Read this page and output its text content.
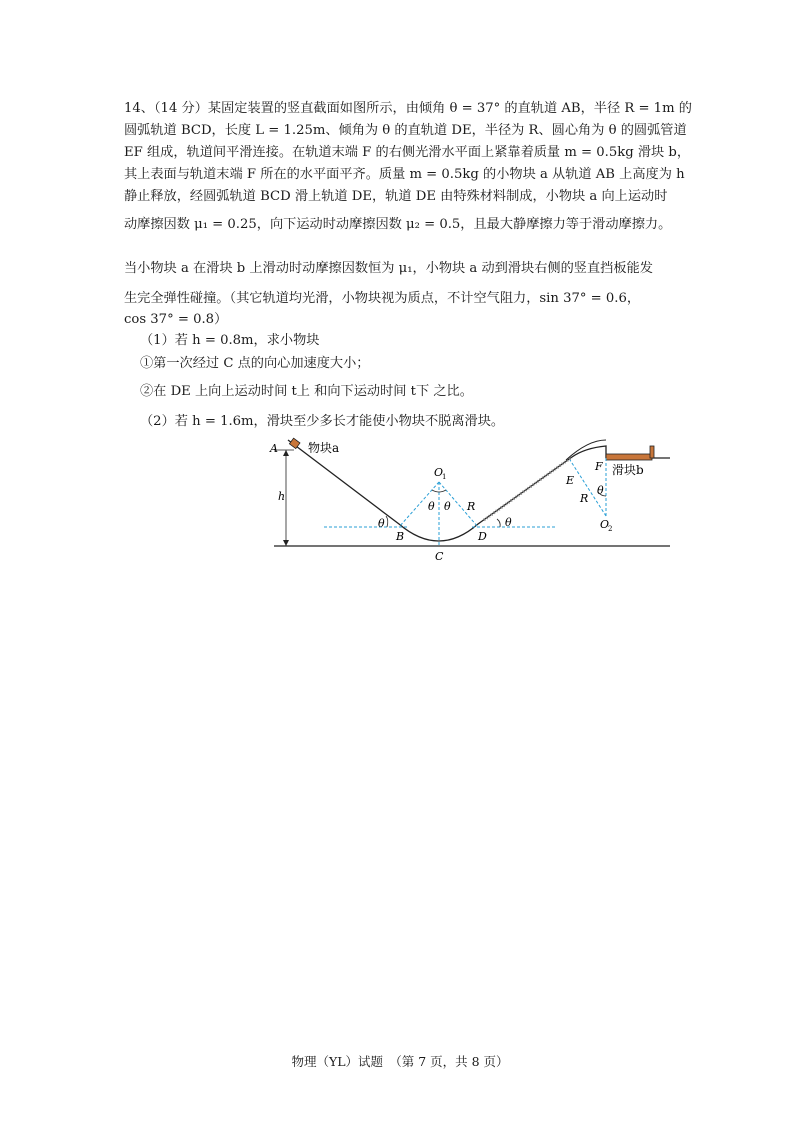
14、（14 分）某固定装置的竖直截面如图所示，由倾角 θ = 37° 的直轨道 AB，半径 R = 1m 的
圆弧轨道 BCD，长度 L = 1.25m、倾角为 θ 的直轨道 DE，半径为 R、圆心角为 θ 的圆弧管道
EF 组成，轨道间平滑连接。在轨道末端 F 的右侧光滑水平面上紧靠着质量 m = 0.5kg 滑块 b，
其上表面与轨道末端 F 所在的水平面平齐。质量 m = 0.5kg 的小物块 a 从轨道 AB 上高度为 h
静止释放，经圆弧轨道 BCD 滑上轨道 DE，轨道 DE 由特殊材料制成，小物块 a 向上运动时
动摩擦因数 μ₁ = 0.25，向下运动时动摩擦因数 μ₂ = 0.5，且最大静摩擦力等于滑动摩擦力。
当小物块 a 在滑块 b 上滑动时动摩擦因数恒为 μ₁，小物块 a 动到滑块右侧的竖直挡板能发
生完全弹性碰撞。（其它轨道均光滑，小物块视为质点，不计空气阻力，sin 37° = 0.6，
cos 37° = 0.8）
（1）若 h = 0.8m，求小物块
①第一次经过 C 点的向心加速度大小；
②在 DE 上向上运动时间 t上 和向下运动时间 t下 之比。
（2）若 h = 1.6m，滑块至少多长才能使小物块不脱离滑块。
A	物块a
h
θ
B
C
D
O
1
θ θ R
θ
E
F 滑块b
θ
R
O
2
物理（YL）试题　（第 7 页，共 8 页）
